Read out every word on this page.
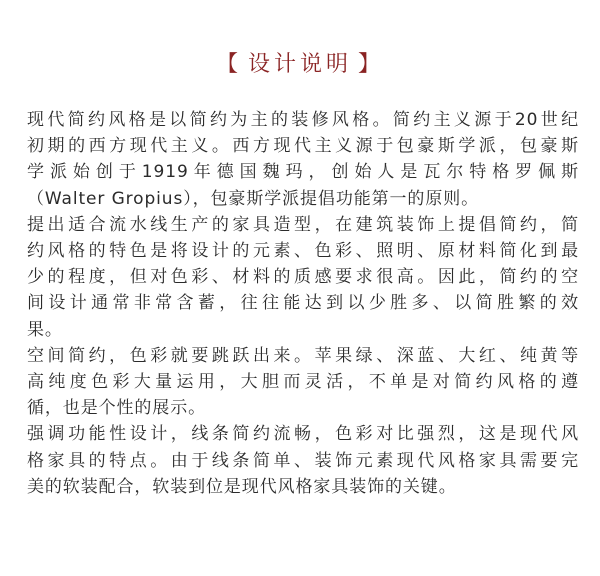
【 设计说明 】
现代简约风格是以简约为主的装修风格。简约主义源于20世纪
初期的西方现代主义。西方现代主义源于包豪斯学派，包豪斯
学派始创于1919年德国魏玛，创始人是瓦尔特格罗佩斯
（Walter Gropius），包豪斯学派提倡功能第一的原则。
提出适合流水线生产的家具造型，在建筑装饰上提倡简约，简
约风格的特色是将设计的元素、色彩、照明、原材料简化到最
少的程度，但对色彩、材料的质感要求很高。因此，简约的空
间设计通常非常含蓄，往往能达到以少胜多、以简胜繁的效
果。
空间简约，色彩就要跳跃出来。苹果绿、深蓝、大红、纯黄等
高纯度色彩大量运用，大胆而灵活，不单是对简约风格的遵
循，也是个性的展示。
强调功能性设计，线条简约流畅，色彩对比强烈，这是现代风
格家具的特点。由于线条简单、装饰元素现代风格家具需要完
美的软装配合，软装到位是现代风格家具装饰的关键。
